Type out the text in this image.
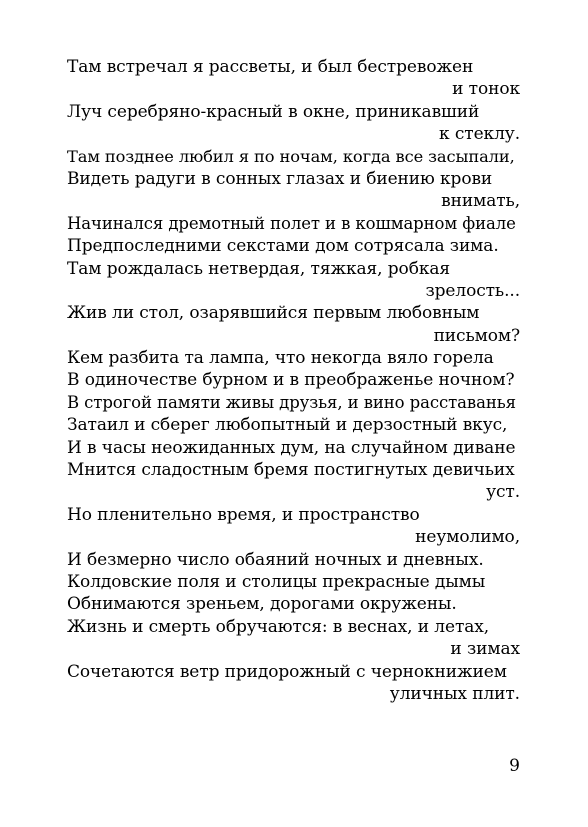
Там встречал я рассветы, и был бестревожен
и тонок
Луч серебряно-красный в окне, приникавший
к стеклу.
Там позднее любил я по ночам, когда все засыпали,
Видеть радуги в сонных глазах и биению крови
внимать,
Начинался дремотный полет и в кошмарном фиале
Предпоследними секстами дом сотрясала зима.
Там рождалась нетвердая, тяжкая, робкая
зрелость...
Жив ли стол, озарявшийся первым любовным
письмом?
Кем разбита та лампа, что некогда вяло горела
В одиночестве бурном и в преображенье ночном?
В строгой памяти живы друзья, и вино расставанья
Затаил и сберег любопытный и дерзостный вкус,
И в часы неожиданных дум, на случайном диване
Мнится сладостным бремя постигнутых девичьих
уст.
Но пленительно время, и пространство
неумолимо,
И безмерно число обаяний ночных и дневных.
Колдовские поля и столицы прекрасные дымы
Обнимаются зреньем, дорогами окружены.
Жизнь и смерть обручаются: в веснах, и летах,
и зимах
Сочетаются ветр придорожный с чернокнижием
уличных плит.
9
